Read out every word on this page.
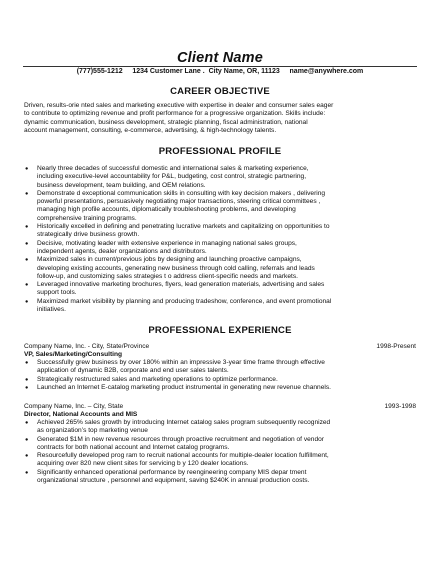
Client Name
(777)555-1212     1234 Customer Lane .  City Name, OR, 11123     name@anywhere.com
CAREER OBJECTIVE
Driven, results-orie nted sales and marketing executive with expertise in dealer and consumer sales eager
to contribute to optimizing revenue and profit performance for a progressive organization. Skills include:
dynamic communication, business development, strategic planning, fiscal administration, national
account management, consulting, e-commerce, advertising, & high-technology talents.
PROFESSIONAL PROFILE
● Nearly three decades of successful domestic and international sales & marketing experience,
including executive-level accountability for P&L, budgeting, cost control, strategic partnering,
business development, team building, and OEM relations.
● Demonstrate d exceptional communication skills in consulting with key decision makers , delivering
powerful presentations, persuasively negotiating major transactions, steering critical committees ,
managing high profile accounts, diplomatically troubleshooting problems, and developing
comprehensive training programs.
● Historically excelled in defining and penetrating lucrative markets and capitalizing on opportunities to
strategically drive business growth.
● Decisive, motivating leader with extensive experience in managing national sales groups,
independent agents, dealer organizations and distributors.
● Maximized sales in current/previous jobs by designing and launching proactive campaigns,
developing existing accounts, generating new business through cold calling, referrals and leads
follow-up, and customizing sales strategies t o address client-specific needs and markets.
● Leveraged innovative marketing brochures, flyers, lead generation materials, advertising and sales
support tools.
● Maximized market visibility by planning and producing tradeshow, conference, and event promotional
initiatives.
PROFESSIONAL EXPERIENCE
Company Name, Inc. - City, State/Province	1998-Present
VP, Sales/Marketing/Consulting
● Successfully grew business by over 180% within an impressive 3-year time frame through effective
application of dynamic B2B, corporate and end user sales talents.
● Strategically restructured sales and marketing operations to optimize performance.
● Launched an Internet E-catalog marketing product instrumental in generating new revenue channels.
Company Name, Inc. – City, State	1993-1998
Director, National Accounts and MIS
● Achieved 265% sales growth by introducing Internet catalog sales program subsequently recognized
as organization’s top marketing venue
● Generated $1M in new revenue resources through proactive recruitment and negotiation of vendor
contracts for both national account and Internet catalog programs.
● Resourcefully developed prog ram to recruit national accounts for multiple-dealer location fulfillment,
acquiring over 820 new client sites for servicing b y 120 dealer locations.
● Significantly enhanced operational performance by reengineering company MIS depar tment
organizational structure , personnel and equipment, saving $240K in annual production costs.
